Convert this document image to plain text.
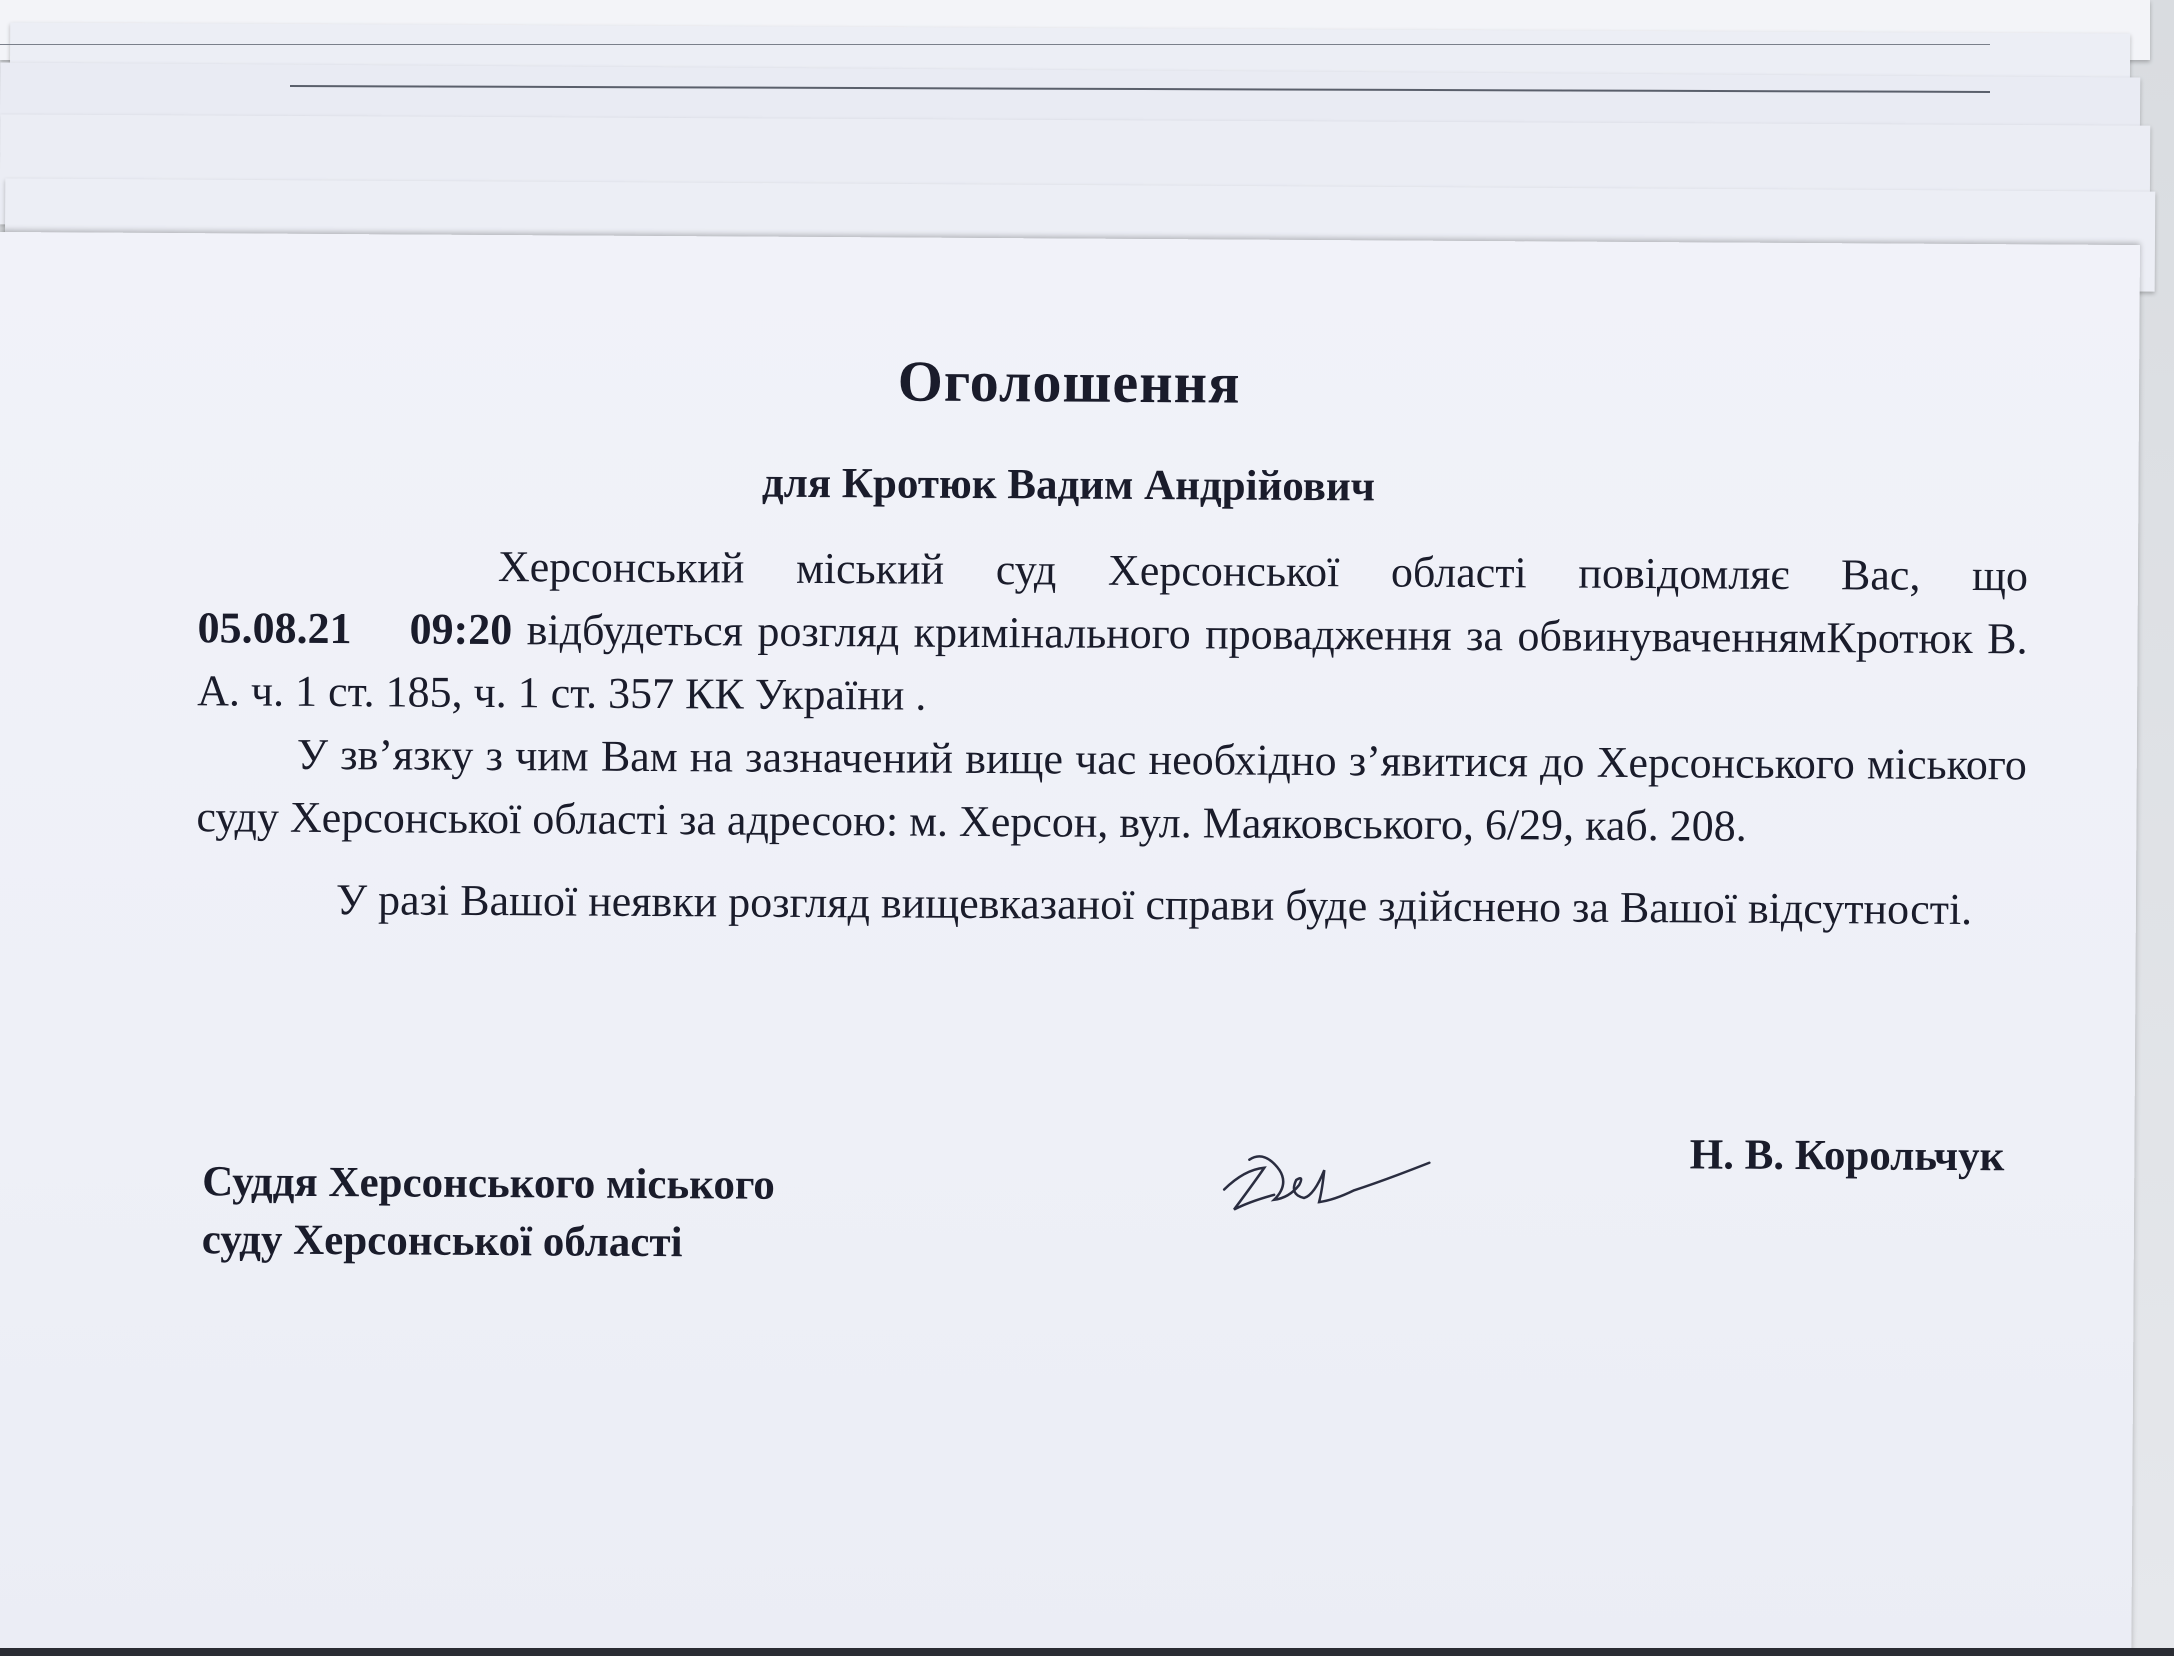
Оголошення
для Кротюк Вадим Андрійович

Херсонський міський суд Херсонської області повідомляє Вас, що 05.08.21    09:20 відбудеться розгляд кримінального провадження за обвинуваченнямКротюк В. А. ч. 1 ст. 185, ч. 1 ст. 357 КК України .

У зв’язку з чим Вам на зазначений вище час необхідно з’явитися до Херсонського міського суду Херсонської області за адресою: м. Херсон, вул. Маяковського, 6/29, каб. 208.

У разі Вашої неявки розгляд вищевказаної справи буде здійснено за Вашої відсутності.

Суддя Херсонського міського
суду Херсонської області
Н. В. Корольчук
